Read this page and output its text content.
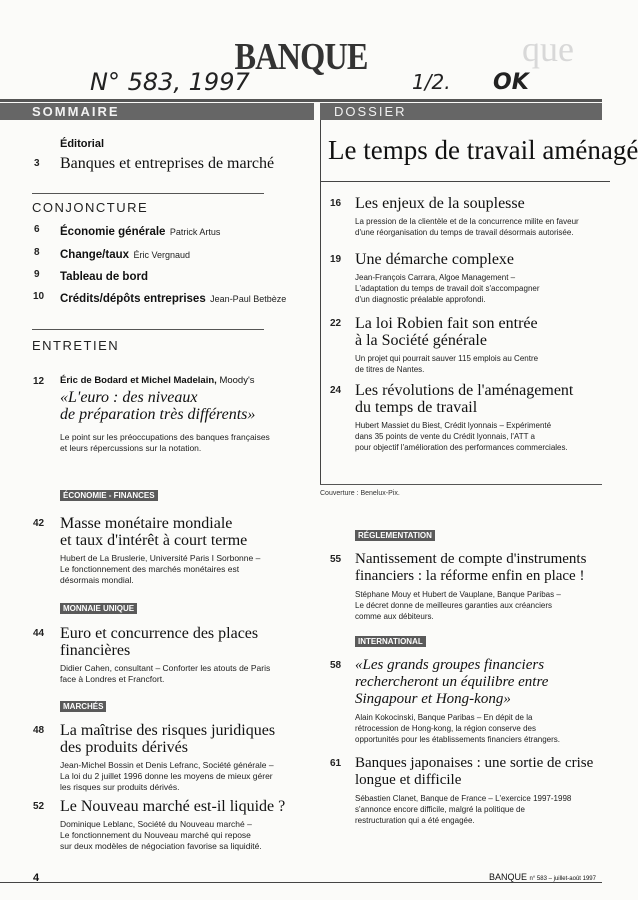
que
BANQUE
N° 583, 1997	1/2. OK
SOMMAIRE	DOSSIER
Éditorial
3 Banques et entreprises de marché
CONJONCTURE
6 Économie générale Patrick Artus
8 Change/taux Éric Vergnaud
9 Tableau de bord
10 Crédits/dépôts entreprises Jean-Paul Betbèze
ENTRETIEN
12 Éric de Bodard et Michel Madelain, Moody's
«L'euro : des niveaux
de préparation très différents»
Le point sur les préoccupations des banques françaises
et leurs répercussions sur la notation.
Le temps de travail aménagé
16 Les enjeux de la souplesse
La pression de la clientèle et de la concurrence milite en faveur
d'une réorganisation du temps de travail désormais autorisée.
19 Une démarche complexe
Jean-François Carrara, Algoe Management –
L'adaptation du temps de travail doit s'accompagner
d'un diagnostic préalable approfondi.
22 La loi Robien fait son entrée
à la Société générale
Un projet qui pourrait sauver 115 emplois au Centre
de titres de Nantes.
24 Les révolutions de l'aménagement
du temps de travail
Hubert Massiet du Biest, Crédit lyonnais – Expérimenté
dans 35 points de vente du Crédit lyonnais, l'ATT a
pour objectif l'amélioration des performances commerciales.
Couverture : Benelux-Pix.
ÉCONOMIE - FINANCES
42 Masse monétaire mondiale
et taux d'intérêt à court terme
Hubert de La Bruslerie, Université Paris I Sorbonne –
Le fonctionnement des marchés monétaires est
désormais mondial.
MONNAIE UNIQUE
44 Euro et concurrence des places
financières
Didier Cahen, consultant – Conforter les atouts de Paris
face à Londres et Francfort.
MARCHÉS
48 La maîtrise des risques juridiques
des produits dérivés
Jean-Michel Bossin et Denis Lefranc, Société générale –
La loi du 2 juillet 1996 donne les moyens de mieux gérer
les risques sur produits dérivés.
52 Le Nouveau marché est-il liquide ?
Dominique Leblanc, Société du Nouveau marché –
Le fonctionnement du Nouveau marché qui repose
sur deux modèles de négociation favorise sa liquidité.
RÉGLEMENTATION
55 Nantissement de compte d'instruments
financiers : la réforme enfin en place !
Stéphane Mouy et Hubert de Vauplane, Banque Paribas –
Le décret donne de meilleures garanties aux créanciers
comme aux débiteurs.
INTERNATIONAL
58 «Les grands groupes financiers
rechercheront un équilibre entre
Singapour et Hong-kong»
Alain Kokocinski, Banque Paribas – En dépit de la
rétrocession de Hong-kong, la région conserve des
opportunités pour les établissements financiers étrangers.
61 Banques japonaises : une sortie de crise
longue et difficile
Sébastien Clanet, Banque de France – L'exercice 1997-1998
s'annonce encore difficile, malgré la politique de
restructuration qui a été engagée.
4	BANQUE n° 583 – juillet-août 1997
